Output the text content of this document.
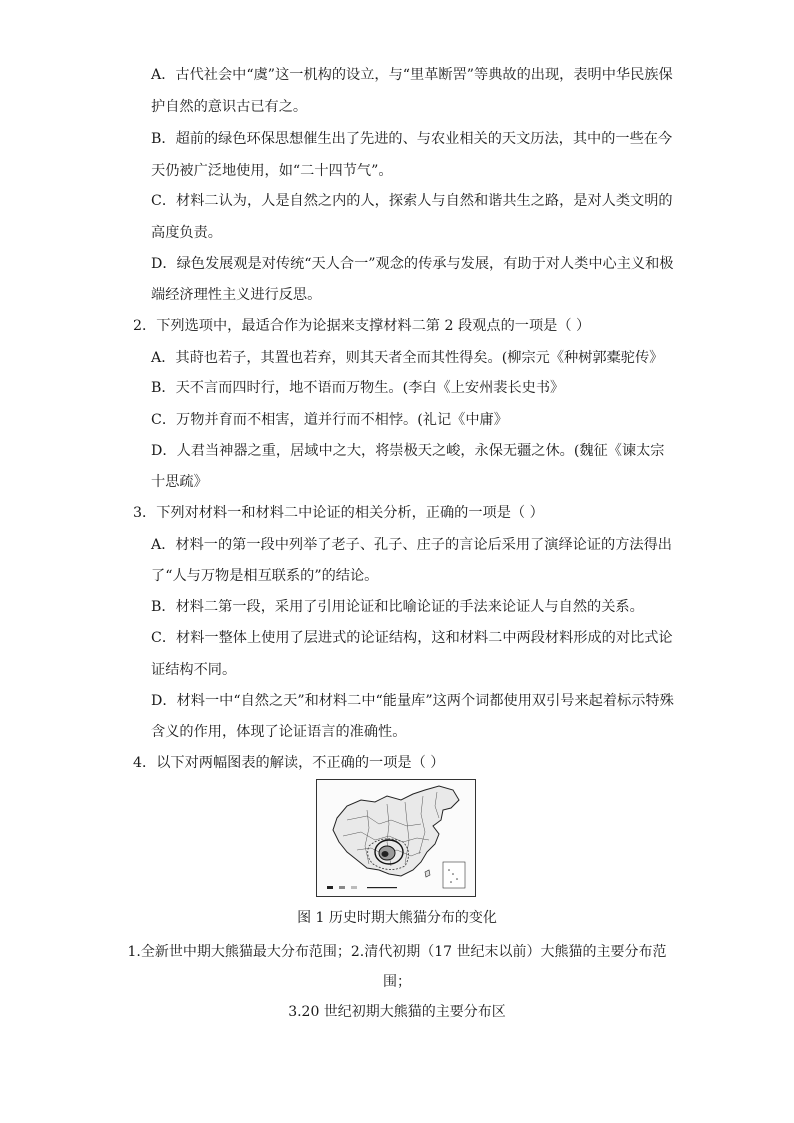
A．古代社会中“虞”这一机构的设立，与“里革断罟”等典故的出现，表明中华民族保
护自然的意识古已有之。
B．超前的绿色环保思想催生出了先进的、与农业相关的天文历法，其中的一些在今
天仍被广泛地使用，如“二十四节气”。
C．材料二认为，人是自然之内的人，探索人与自然和谐共生之路，是对人类文明的
高度负责。
D．绿色发展观是对传统“天人合一”观念的传承与发展，有助于对人类中心主义和极
端经济理性主义进行反思。
2．下列选项中，最适合作为论据来支撑材料二第 2 段观点的一项是（ ）
A．其莳也若子，其置也若弃，则其天者全而其性得矣。(柳宗元《种树郭橐驼传》
B．天不言而四时行，地不语而万物生。(李白《上安州裴长史书》
C．万物并育而不相害，道并行而不相悖。(礼记《中庸》
D．人君当神器之重，居域中之大，将崇极天之峻，永保无疆之休。(魏征《谏太宗
十思疏》
3．下列对材料一和材料二中论证的相关分析，正确的一项是（ ）
A．材料一的第一段中列举了老子、孔子、庄子的言论后采用了演绎论证的方法得出
了“人与万物是相互联系的”的结论。
B．材料二第一段，采用了引用论证和比喻论证的手法来论证人与自然的关系。
C．材料一整体上使用了层进式的论证结构，这和材料二中两段材料形成的对比式论
证结构不同。
D．材料一中“自然之天”和材料二中“能量库”这两个词都使用双引号来起着标示特殊
含义的作用，体现了论证语言的准确性。
4．以下对两幅图表的解读，不正确的一项是（ ）
图 1 历史时期大熊猫分布的变化
1.全新世中期大熊猫最大分布范围；2.清代初期（17 世纪末以前）大熊猫的主要分布范
围；
3.20 世纪初期大熊猫的主要分布区
